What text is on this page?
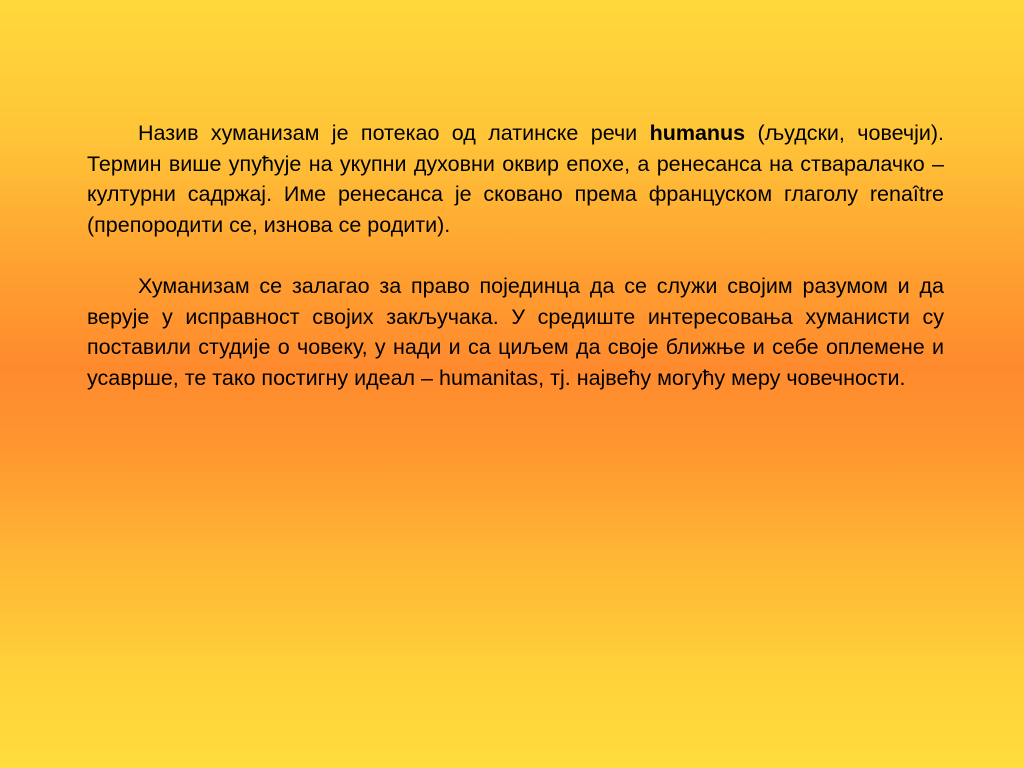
Назив хуманизам је потекао од латинске речи humanus (људски, човечји). Термин више упућује на укупни духовни оквир епохе, а ренесанса на стваралачко – културни садржај. Име ренесанса је сковано према француском глаголу renaître (препородити се, изнова се родити).

Хуманизам се залагао за право појединца да се служи својим разумом и да верује у исправност својих закључака. У средиште интересовања хуманисти су поставили студије о човеку, у нади и са циљем да своје ближње и себе оплемене и усаврше, те тако постигну идеал – humanitas, тј. највећу могућу меру човечности.
